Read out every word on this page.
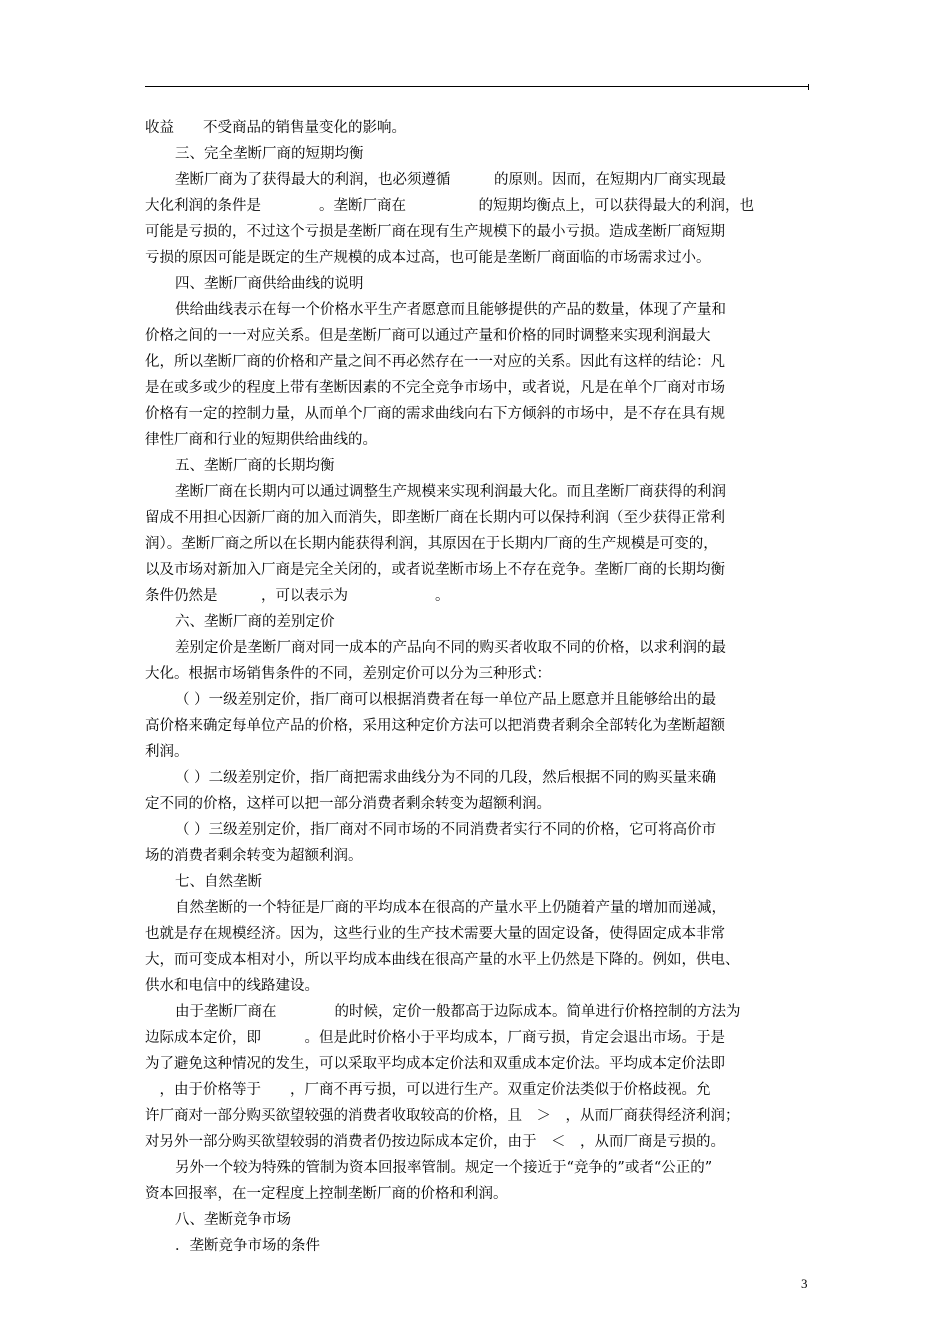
收益　　不受商品的销售量变化的影响。
三、完全垄断厂商的短期均衡
垄断厂商为了获得最大的利润，也必须遵循　　　的原则。因而，在短期内厂商实现最
大化利润的条件是　　　　。垄断厂商在　　　　　的短期均衡点上，可以获得最大的利润，也
可能是亏损的，不过这个亏损是垄断厂商在现有生产规模下的最小亏损。造成垄断厂商短期
亏损的原因可能是既定的生产规模的成本过高，也可能是垄断厂商面临的市场需求过小。
四、垄断厂商供给曲线的说明
供给曲线表示在每一个价格水平生产者愿意而且能够提供的产品的数量，体现了产量和
价格之间的一一对应关系。但是垄断厂商可以通过产量和价格的同时调整来实现利润最大
化，所以垄断厂商的价格和产量之间不再必然存在一一对应的关系。因此有这样的结论：凡
是在或多或少的程度上带有垄断因素的不完全竞争市场中，或者说，凡是在单个厂商对市场
价格有一定的控制力量，从而单个厂商的需求曲线向右下方倾斜的市场中，是不存在具有规
律性厂商和行业的短期供给曲线的。
五、垄断厂商的长期均衡
垄断厂商在长期内可以通过调整生产规模来实现利润最大化。而且垄断厂商获得的利润
留成不用担心因新厂商的加入而消失，即垄断厂商在长期内可以保持利润（至少获得正常利
润）。垄断厂商之所以在长期内能获得利润，其原因在于长期内厂商的生产规模是可变的，
以及市场对新加入厂商是完全关闭的，或者说垄断市场上不存在竞争。垄断厂商的长期均衡
条件仍然是　　　，可以表示为　　　　　　。
六、垄断厂商的差别定价
差别定价是垄断厂商对同一成本的产品向不同的购买者收取不同的价格，以求利润的最
大化。根据市场销售条件的不同，差别定价可以分为三种形式：
（ ）一级差别定价，指厂商可以根据消费者在每一单位产品上愿意并且能够给出的最
高价格来确定每单位产品的价格，采用这种定价方法可以把消费者剩余全部转化为垄断超额
利润。
（ ）二级差别定价，指厂商把需求曲线分为不同的几段，然后根据不同的购买量来确
定不同的价格，这样可以把一部分消费者剩余转变为超额利润。
（ ）三级差别定价，指厂商对不同市场的不同消费者实行不同的价格，它可将高价市
场的消费者剩余转变为超额利润。
七、自然垄断
自然垄断的一个特征是厂商的平均成本在很高的产量水平上仍随着产量的增加而递减，
也就是存在规模经济。因为，这些行业的生产技术需要大量的固定设备，使得固定成本非常
大，而可变成本相对小，所以平均成本曲线在很高产量的水平上仍然是下降的。例如，供电、
供水和电信中的线路建设。
由于垄断厂商在　　　　的时候，定价一般都高于边际成本。简单进行价格控制的方法为
边际成本定价，即　　　。但是此时价格小于平均成本，厂商亏损，肯定会退出市场。于是
为了避免这种情况的发生，可以采取平均成本定价法和双重成本定价法。平均成本定价法即
　，由于价格等于　　，厂商不再亏损，可以进行生产。双重定价法类似于价格歧视。允
许厂商对一部分购买欲望较强的消费者收取较高的价格，且　＞　，从而厂商获得经济利润；
对另外一部分购买欲望较弱的消费者仍按边际成本定价，由于　＜　，从而厂商是亏损的。
另外一个较为特殊的管制为资本回报率管制。规定一个接近于“竞争的”或者“公正的”
资本回报率，在一定程度上控制垄断厂商的价格和利润。
八、垄断竞争市场
．垄断竞争市场的条件
3
